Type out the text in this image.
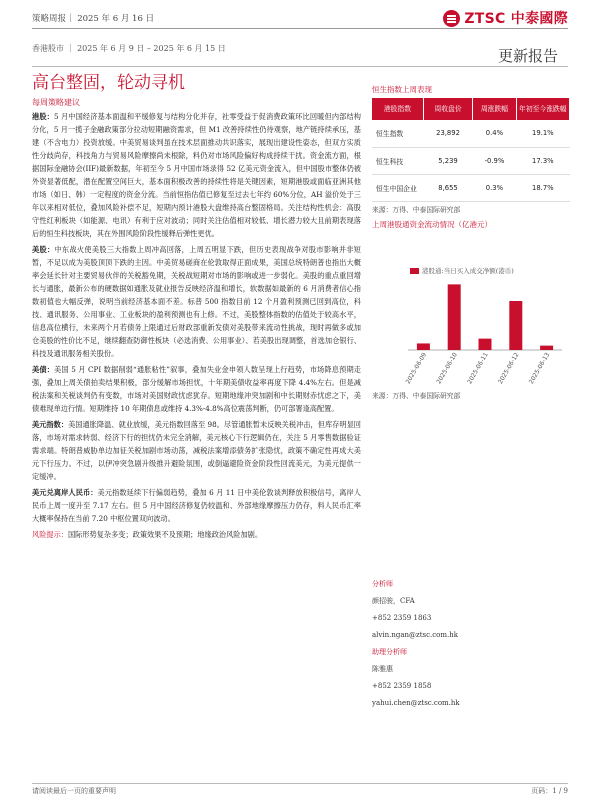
策略周报｜ 2025 年 6 月 16 日	ZTSC 中泰國際
香港股市 ｜ 2025 年 6 月 9 日 – 2025 年 6 月 15 日	更新报告
高台整固，轮动寻机
每周策略建议

港股：5 月中国经济基本面温和平缓修复与结构分化并存，社零受益于促消费政策环比回暖但内部结构分化，5 月一揽子金融政策部分拉动短期融资需求，但 M1 改善持续性仍待观察，地产链持续承压，基建（不含电力）投资放缓。中美贸易谈判虽在技术层面推动共识落实，展现出建设性姿态，但双方实质性分歧尚存，科技角力与贸易风险摩擦尚未根除，料仍对市场风险偏好构成持续干扰。资金流方面，根据国际金融协会(IIF)最新数据，年初至今 5 月中国市场录得 52 亿美元资金流入，但中国股市整体仍被外资显著低配，潜在配置空间巨大，基本面积极改善的持续性将是关键因素，短期港股或面临亚洲其他市场（如日、韩）一定程度的资金分流。当前恒指估值已修复至过去七年约 60%分位，AH 溢价处于三年以来相对低位，叠加风险补偿不足，短期内预计港股大盘维持高台整固格局。关注结构性机会：高股守性红利板块（如能源、电讯）有利于应对波动；同时关注估值相对较低、增长潜力较大且前期表现落后的恒生科技板块，其在外围风险阶段性缓释后弹性更优。

美股：中东战火使美股三大指数上周冲高回落，上周五明显下跌，但历史表现战争对股市影响并非短暂，不足以成为美股顶顶下跌的主因。中美贸易磋商在伦敦取得正面成果，美国总统特朗普也指出大概率会延长针对主要贸易伙伴的关税豁免期，关税战短期对市场的影响或进一步弱化。美股的重点重回增长与通胀，最新公布的硬数据如通胀及就业报告反映经济温和增长，软数据如最新的 6 月消费者信心指数初值也大幅反弹，说明当前经济基本面不差。标普 500 指数目前 12 个月盈利预测已回到高位，科技、通讯服务、公用事业、工业板块的盈利预测也有上修。不过，美股整体指数的估值处于较高水平，信息高位横行，未来两个月若债务上限通过后财政部重新发债对美股带来流动性挑战，现时再做多或加仓美股的性价比不足，继续翻查防御性板块（必选消费、公用事业）、若美股出现调整，首选加仓银行、科技及通讯服务相关股份。

美债：美国 5 月 CPI 数据削弱“通胀粘性”叙事，叠加失业金申领人数呈现上行趋势，市场降息预期走强，叠加上周关债拍卖结果积极，部分缓解市场担忧，十年期美债收益率再度下降 4.4%左右。但是减税法案和关税谈判仍有变数，市场对美国财政忧虑犹存。短期地缘冲突加剧和中长期财赤忧虑之下，美债难现单边行情。短期维持 10 年期债息或维持 4.3%-4.8%高位震荡判断，仍可部署逢高配置。

美元指数：美国通胀降温、就业放缓，美元指数回落至 98。尽管通胀暂未反映关税冲击，但库存明显回落，市场对需求转弱、经济下行的担忧仍未完全消解，美元核心下行逻辑仍在，关注 5 月零售数据验证需求端。特朗普威胁单边加征关税加剧市场动荡，减税法案增添债务扩张隐忧，政策不确定性再成大美元下行压力。不过，以伊冲突急剧升级推升避险氛围，或倒逼避险资金阶段性回流美元，为美元提供一定缓冲。

美元兑离岸人民币：美元指数延续下行偏弱趋势，叠加 6 月 11 日中美伦敦谈判释放积极信号，离岸人民币上周一度升至 7.17 左右。但 5 月中国经济修复仍较温和、外部地缘摩擦压力仍存，料人民币汇率大概率保持在当前 7.20 中枢位置双向波动。

风险提示：国际形势复杂多变；政策效果不及预期；地缘政治风险加剧。

恒生指数上周表现
港股指数	周收盘价	周涨跌幅	年初至今涨跌幅
恒生指数	23,892	0.4%	19.1%
恒生科技	5,239	-0.9%	17.3%
恒生中国企业	8,655	0.3%	18.7%
来源：万得、中泰国际研究部
上周港股通资金流动情况（亿港元）
港股通:当日买入成交净额(港币)
2025-06-09 2025-06-10 2025-06-11 2025-06-12 2025-06-13
来源：万得、中泰国际研究部
分析师
颜招骏，CFA
+852 2359 1863
alvin.ngan@ztsc.com.hk
助理分析师
陈雅惠
+852 2359 1858
yahui.chen@ztsc.com.hk
请阅读最后一页的重要声明	页码：1 / 9
